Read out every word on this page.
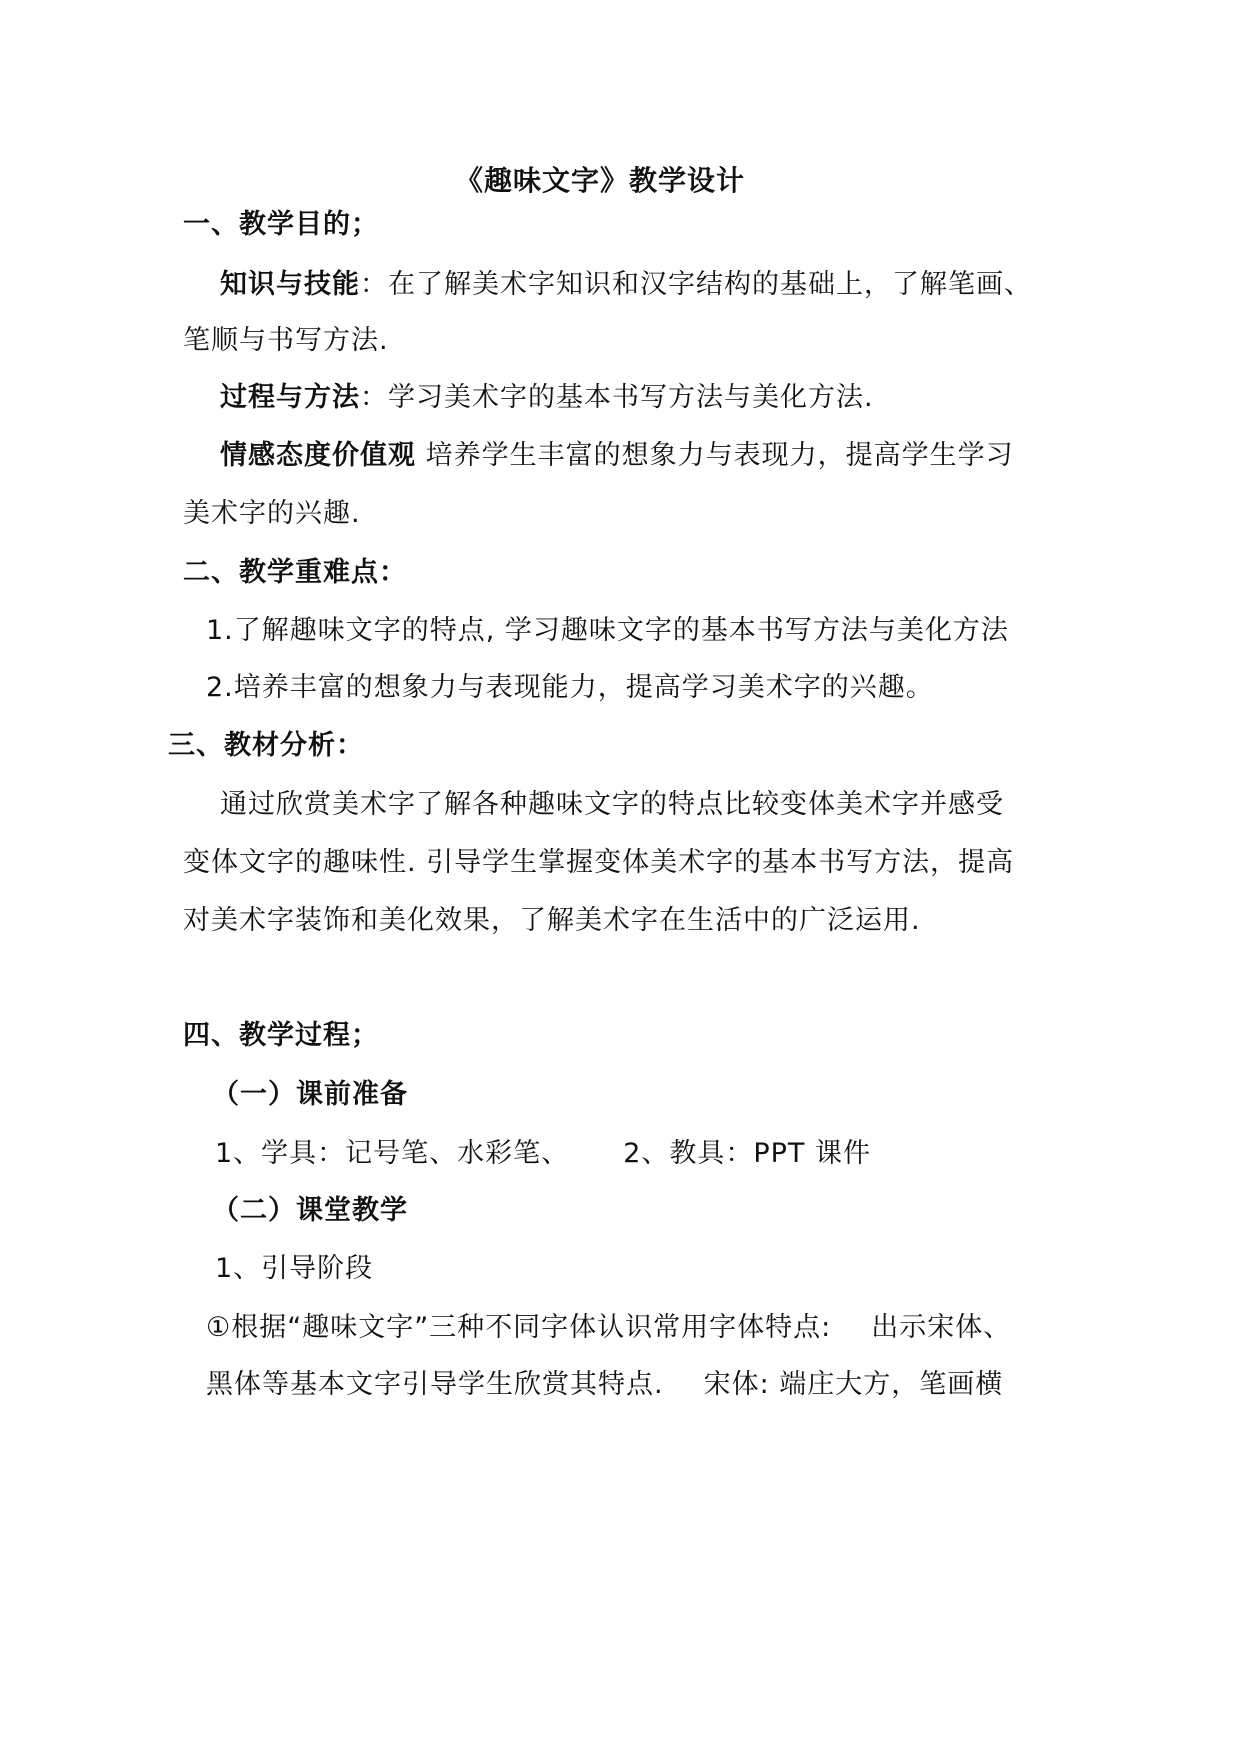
《趣味文字》教学设计
一、教学目的；
知识与技能：在了解美术字知识和汉字结构的基础上，了解笔画、
笔顺与书写方法.
过程与方法：学习美术字的基本书写方法与美化方法.
情感态度价值观 培养学生丰富的想象力与表现力，提高学生学习
美术字的兴趣.
二、教学重难点：
1.了解趣味文字的特点, 学习趣味文字的基本书写方法与美化方法
2.培养丰富的想象力与表现能力，提高学习美术字的兴趣。
三、教材分析：
通过欣赏美术字了解各种趣味文字的特点比较变体美术字并感受
变体文字的趣味性. 引导学生掌握变体美术字的基本书写方法，提高
对美术字装饰和美化效果，了解美术字在生活中的广泛运用.
四、教学过程；
（一）课前准备
1、学具：记号笔、水彩笔、 2、教具：PPT 课件
（二）课堂教学
1、引导阶段
①根据“趣味文字”三种不同字体认识常用字体特点: 出示宋体、
黑体等基本文字引导学生欣赏其特点. 宋体: 端庄大方，笔画横
